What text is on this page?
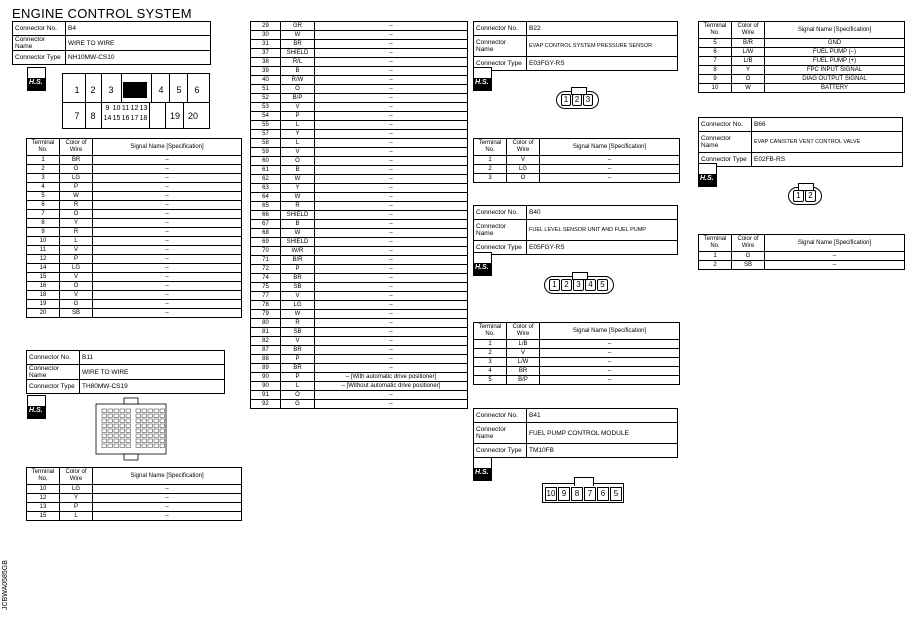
ENGINE CONTROL SYSTEM
Connector No.	B4
Connector Name	WIRE TO WIRE
Connector Type	NH10MW-CS10
H.S.
1	2	3	4	5	6
7	8
9 10 11 12 13
14 15 16 17 18	19 20
Terminal No.	Color of Wire	Signal Name [Specification]
1	BR	–
2	O	–
3	LG	–
4	P	–
5	W	–
6	R	–
7	O	–
8	Y	–
9	R	–
10	L	–
11	V	–
12	P	–
14	LG	–
15	V	–
16	O	–
18	V	–
19	G	–
20	SB	–
Connector No.	B11
Connector Name	WIRE TO WIRE
Connector Type	TH80MW-CS19
H.S.
Terminal No.	Color of Wire	Signal Name [Specification]
10	LG	–
12	Y	–
13	P	–
15	L	–
29	GR	–
30	W	–
31	BR	–
37	SHIELD	–
38	R/L	–
39	B	–
40	R/W	–
51	O	–
52	B/P	–
53	V	–
54	P	–
55	L	–
57	Y	–
58	L	–
59	V	–
60	O	–
61	B	–
62	W	–
63	Y	–
64	W	–
65	R	–
66	SHIELD	–
67	B	–
68	W	–
69	SHIELD	–
70	W/R	–
71	B/R	–
72	P	–
74	BR	–
75	SB	–
77	V	–
78	LG	–
79	W	–
80	R	–
81	SB	–
82	V	–
87	BR	–
88	P	–
89	BR	–
90	P	– [With automatic drive positioner]
90	L	– [Without automatic drive positioner]
91	O	–
92	G	–
Connector No.	B22
Connector Name	EVAP CONTROL SYSTEM PRESSURE SENSOR
Connector Type	E03FGY-RS
H.S.
1 2 3
Terminal No.	Color of Wire	Signal Name [Specification]
1	V	–
2	LG	–
3	O	–
Connector No.	B40
Connector Name	FUEL LEVEL SENSOR UNIT AND FUEL PUMP
Connector Type	E05FGY-RS
H.S.
1 2 3 4 5
Terminal No.	Color of Wire	Signal Name [Specification]
1	L/B	–
2	V	–
3	L/W	–
4	BR	–
5	B/P	–
Connector No.	B41
Connector Name	FUEL PUMP CONTROL MODULE
Connector Type	TM10FB
H.S.
10 9	8	7	6	5
Terminal No.	Color of Wire	Signal Name [Specification]
5	B/R	GND
6	L/W	FUEL PUMP (–)
7	L/B	FUEL PUMP (+)
8	Y	FPC INPUT SIGNAL
9	O	DIAG OUTPUT SIGNAL
10	W	BATTERY
Connector No.	B66
Connector Name	EVAP CANISTER VENT CONTROL VALVE
Connector Type	E02FB-RS
H.S.
1 2
Terminal No.	Color of Wire	Signal Name [Specification]
1	G	–
2	SB	–
JCBWA0585GB
